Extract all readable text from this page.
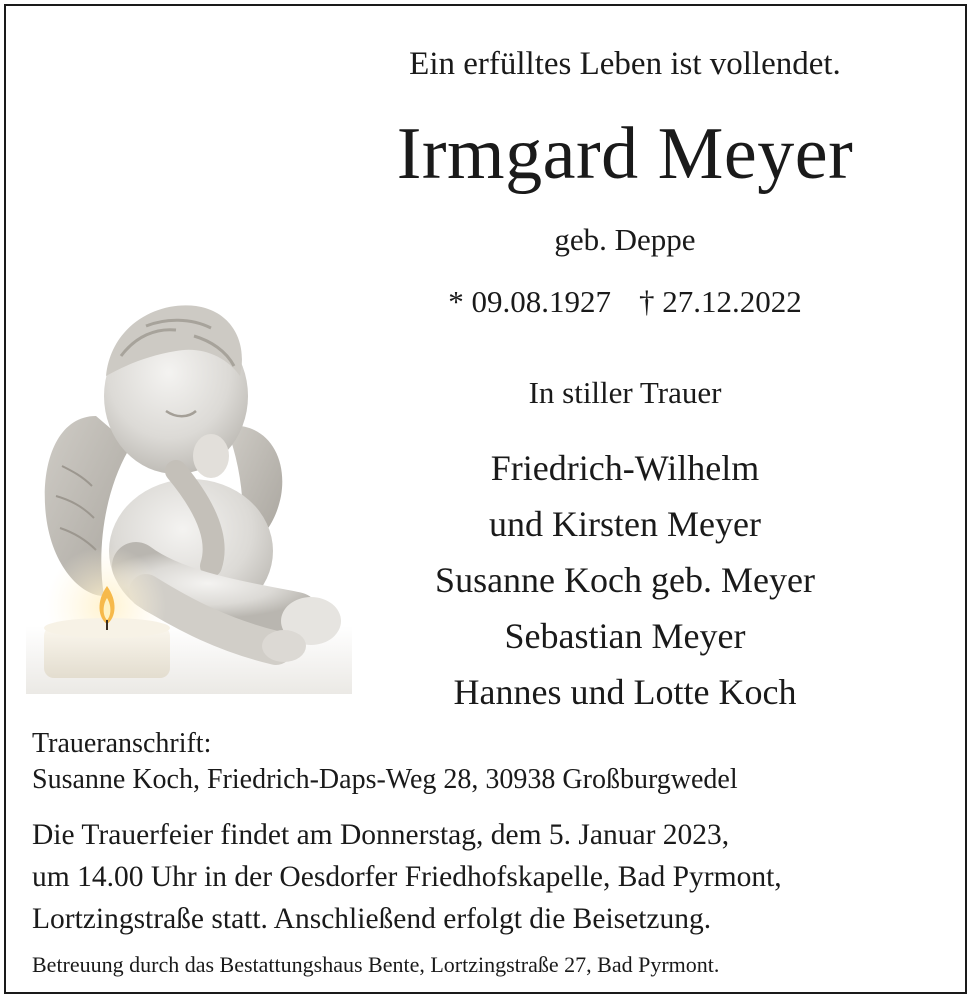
Ein erfülltes Leben ist vollendet.
Irmgard Meyer
geb. Deppe
* 09.08.1927 † 27.12.2022
In stiller Trauer
Friedrich-Wilhelm
und Kirsten Meyer
Susanne Koch geb. Meyer
Sebastian Meyer
Hannes und Lotte Koch
Traueranschrift:
Susanne Koch, Friedrich-Daps-Weg 28, 30938 Großburgwedel
Die Trauerfeier findet am Donnerstag, dem 5. Januar 2023,
um 14.00 Uhr in der Oesdorfer Friedhofskapelle, Bad Pyrmont,
Lortzingstraße statt. Anschließend erfolgt die Beisetzung.
Betreuung durch das Bestattungshaus Bente, Lortzingstraße 27, Bad Pyrmont.
